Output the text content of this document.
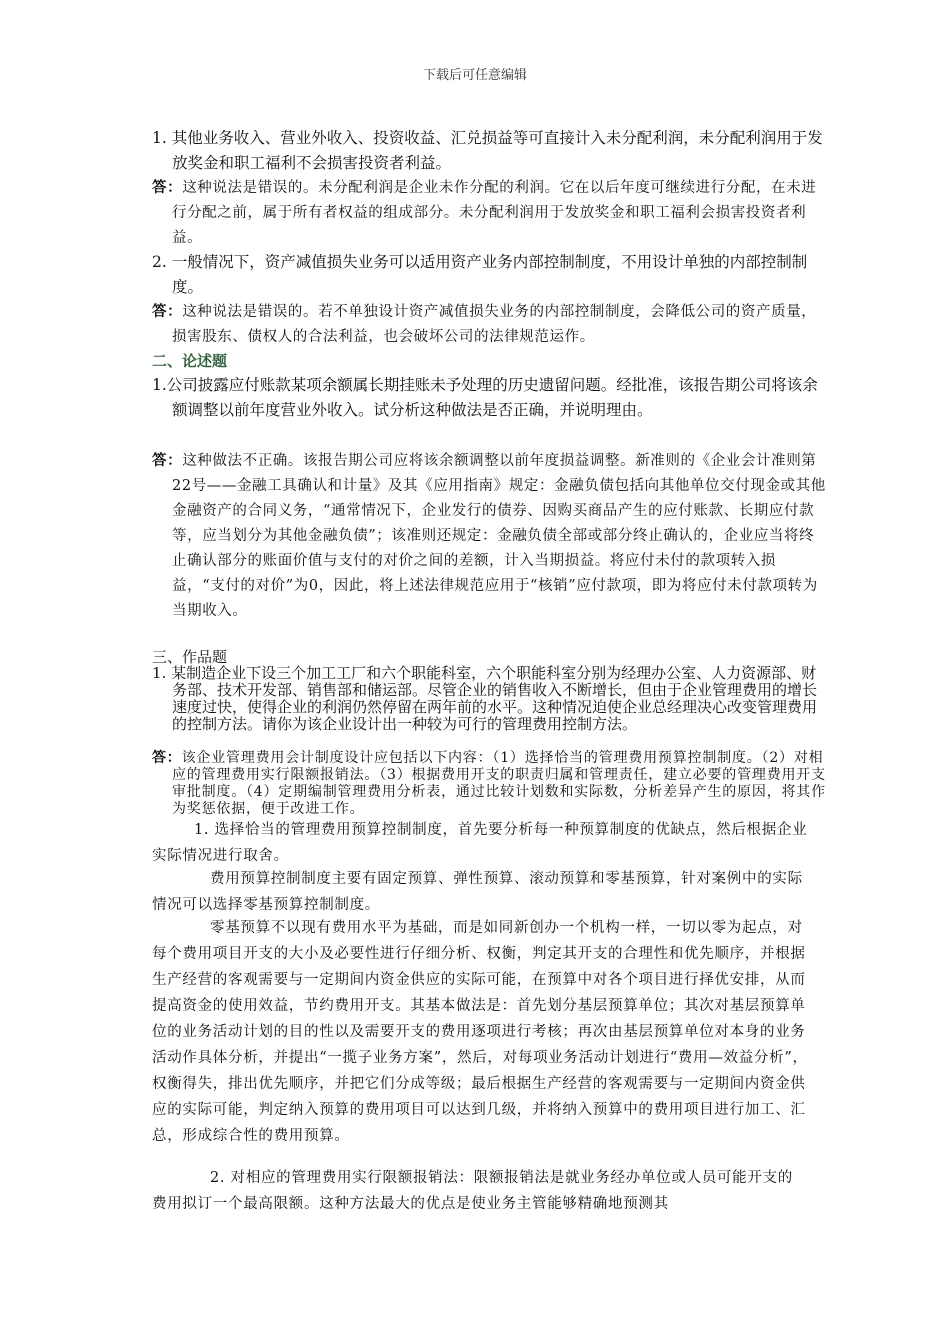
下载后可任意编辑
1. 其他业务收入、营业外收入、投资收益、汇兑损益等可直接计入未分配利润，未分配利润用于发放奖金和职工福利不会损害投资者利益。
答：这种说法是错误的。未分配利润是企业未作分配的利润。它在以后年度可继续进行分配，在未进行分配之前，属于所有者权益的组成部分。未分配利润用于发放奖金和职工福利会损害投资者利益。
2. 一般情况下，资产减值损失业务可以适用资产业务内部控制制度，不用设计单独的内部控制制度。
答：这种说法是错误的。若不单独设计资产减值损失业务的内部控制制度，会降低公司的资产质量，损害股东、债权人的合法利益，也会破坏公司的法律规范运作。
二、论述题
1.公司披露应付账款某项余额属长期挂账未予处理的历史遗留问题。经批准，该报告期公司将该余额调整以前年度营业外收入。试分析这种做法是否正确，并说明理由。
答：这种做法不正确。该报告期公司应将该余额调整以前年度损益调整。新准则的《企业会计准则第22号——金融工具确认和计量》及其《应用指南》规定：金融负债包括向其他单位交付现金或其他金融资产的合同义务，“通常情况下，企业发行的债券、因购买商品产生的应付账款、长期应付款等，应当划分为其他金融负债”；该准则还规定：金融负债全部或部分终止确认的，企业应当将终止确认部分的账面价值与支付的对价之间的差额，计入当期损益。将应付未付的款项转入损益，“支付的对价”为0，因此，将上述法律规范应用于“核销”应付款项，即为将应付未付款项转为当期收入。
三、作品题
1. 某制造企业下设三个加工工厂和六个职能科室，六个职能科室分别为经理办公室、人力资源部、财务部、技术开发部、销售部和储运部。尽管企业的销售收入不断增长，但由于企业管理费用的增长速度过快，使得企业的利润仍然停留在两年前的水平。这种情况迫使企业总经理决心改变管理费用的控制方法。请你为该企业设计出一种较为可行的管理费用控制方法。
答：该企业管理费用会计制度设计应包括以下内容：（1）选择恰当的管理费用预算控制制度。（2）对相应的管理费用实行限额报销法。（3）根据费用开支的职责归属和管理责任，建立必要的管理费用开支审批制度。（4）定期编制管理费用分析表，通过比较计划数和实际数，分析差异产生的原因，将其作为奖惩依据，便于改进工作。
1. 选择恰当的管理费用预算控制制度，首先要分析每一种预算制度的优缺点，然后根据企业实际情况进行取舍。
费用预算控制制度主要有固定预算、弹性预算、滚动预算和零基预算，针对案例中的实际情况可以选择零基预算控制制度。
零基预算不以现有费用水平为基础，而是如同新创办一个机构一样，一切以零为起点，对每个费用项目开支的大小及必要性进行仔细分析、权衡，判定其开支的合理性和优先顺序，并根据生产经营的客观需要与一定期间内资金供应的实际可能，在预算中对各个项目进行择优安排，从而提高资金的使用效益，节约费用开支。其基本做法是：首先划分基层预算单位；其次对基层预算单位的业务活动计划的目的性以及需要开支的费用逐项进行考核；再次由基层预算单位对本身的业务活动作具体分析，并提出“一揽子业务方案”，然后，对每项业务活动计划进行“费用—效益分析”，权衡得失，排出优先顺序，并把它们分成等级；最后根据生产经营的客观需要与一定期间内资金供应的实际可能，判定纳入预算的费用项目可以达到几级，并将纳入预算中的费用项目进行加工、汇总，形成综合性的费用预算。
2. 对相应的管理费用实行限额报销法：限额报销法是就业务经办单位或人员可能开支的费用拟订一个最高限额。这种方法最大的优点是使业务主管能够精确地预测其
